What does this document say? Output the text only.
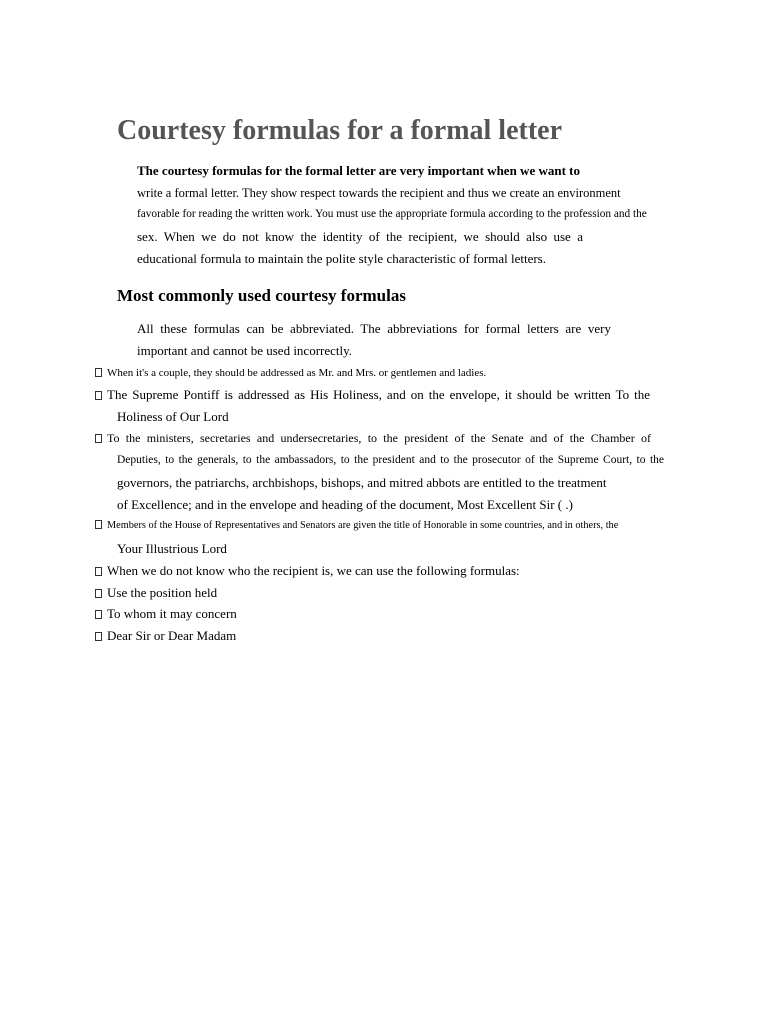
Courtesy formulas for a formal letter

The courtesy formulas for the formal letter are very important when we want to

write a formal letter. They show respect towards the recipient and thus we create an environment

favorable for reading the written work. You must use the appropriate formula according to the profession and the

sex. When we do not know the identity of the recipient, we should also use a

educational formula to maintain the polite style characteristic of formal letters.

Most commonly used courtesy formulas

All these formulas can be abbreviated. The abbreviations for formal letters are very

important and cannot be used incorrectly.

When it's a couple, they should be addressed as Mr. and Mrs. or gentlemen and ladies.

The Supreme Pontiff is addressed as His Holiness, and on the envelope, it should be written To the

Holiness of Our Lord

To the ministers, secretaries and undersecretaries, to the president of the Senate and of the Chamber of

Deputies, to the generals, to the ambassadors, to the president and to the prosecutor of the Supreme Court, to the

governors, the patriarchs, archbishops, bishops, and mitred abbots are entitled to the treatment

of Excellence; and in the envelope and heading of the document, Most Excellent Sir ( .)

Members of the House of Representatives and Senators are given the title of Honorable in some countries, and in others, the

Your Illustrious Lord

When we do not know who the recipient is, we can use the following formulas:

Use the position held

To whom it may concern

Dear Sir or Dear Madam
